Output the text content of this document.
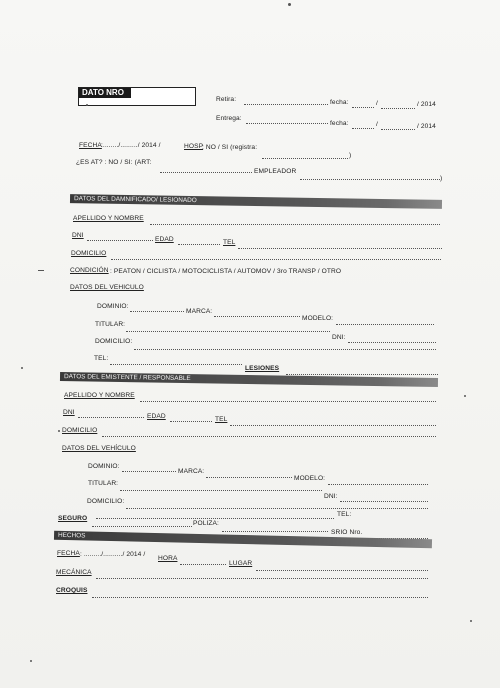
DATO NRO
Retira:	fecha:	/	/ 2014
Entrega:
fecha:	/	/ 2014
FECHA :......../........./ 2014 /	HOSP
: NO / SI (registra:
)
¿ES AT? : NO / SI: (ART:
EMPLEADOR
)
DATOS DEL DAMNIFICADO/ LESIONADO
APELLIDO Y NOMBRE
DNI
EDAD	TEL
DOMICILIO
CONDICIÓN : PEATON / CICLISTA / MOTOCICLISTA / AUTOMOV / 3ro TRANSP / OTRO
DATOS DEL VEHICULO
DOMINIO:
MARCA:
MODELO:
TITULAR:
DNI:
DOMICILIO:
TEL:
LESIONES
DATOS DEL EMISTENTE / RESPONSABLE
APELLIDO Y NOMBRE
DNI
EDAD	TEL
DOMICILIO
DATOS DEL VEHÍCULO
DOMINIO:
MARCA:
MODELO:
TITULAR:
DNI:
DOMICILIO:
TEL:
SEGURO
POLIZA:
SRIO Nro.
HECHOS
FECHA : ........./........../ 2014 /
HORA
LUGAR
MECÁNICA
CROQUIS
